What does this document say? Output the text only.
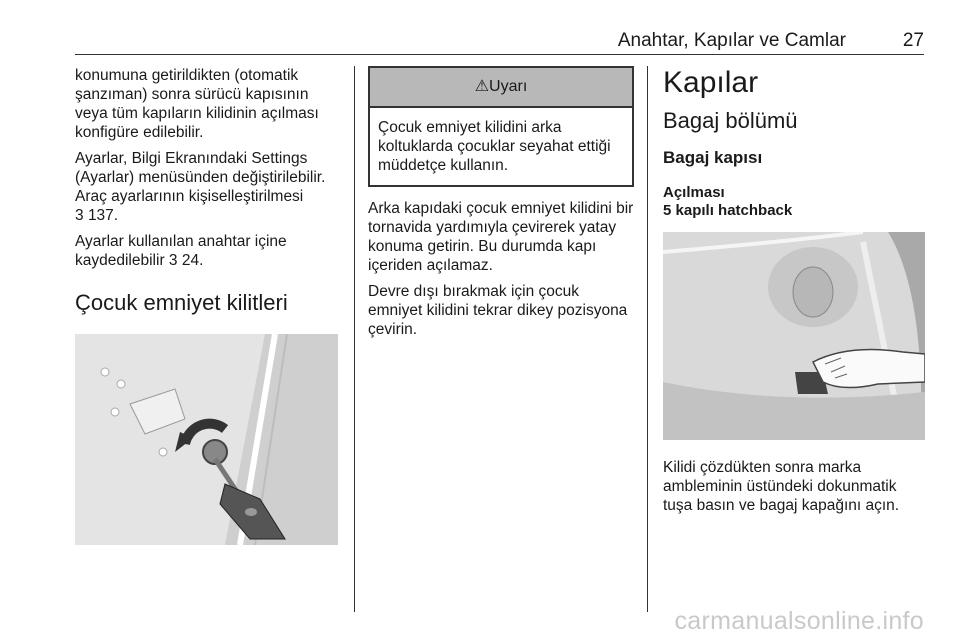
Anahtar, Kapılar ve Camlar	27

konumuna getirildikten (otomatik şanzıman) sonra sürücü kapısının veya tüm kapıların kilidinin açılması konfigüre edilebilir.

Ayarlar, Bilgi Ekranındaki Settings (Ayarlar) menüsünden değiştirilebilir. Araç ayarlarının kişiselleştirilmesi
3 137.

Ayarlar kullanılan anahtar içine kaydedilebilir 3 24.

Çocuk emniyet kilitleri
⚠Uyarı
Çocuk emniyet kilidini arka koltuklarda çocuklar seyahat ettiği müddetçe kullanın.

Arka kapıdaki çocuk emniyet kilidini bir tornavida yardımıyla çevirerek yatay konuma getirin. Bu durumda kapı içeriden açılamaz.

Devre dışı bırakmak için çocuk emniyet kilidini tekrar dikey pozisyona çevirin.

Kapılar
Bagaj bölümü
Bagaj kapısı
Açılması
5 kapılı hatchback

Kilidi çözdükten sonra marka ambleminin üstündeki dokunmatik tuşa basın ve bagaj kapağını açın.

carmanualsonline.info
